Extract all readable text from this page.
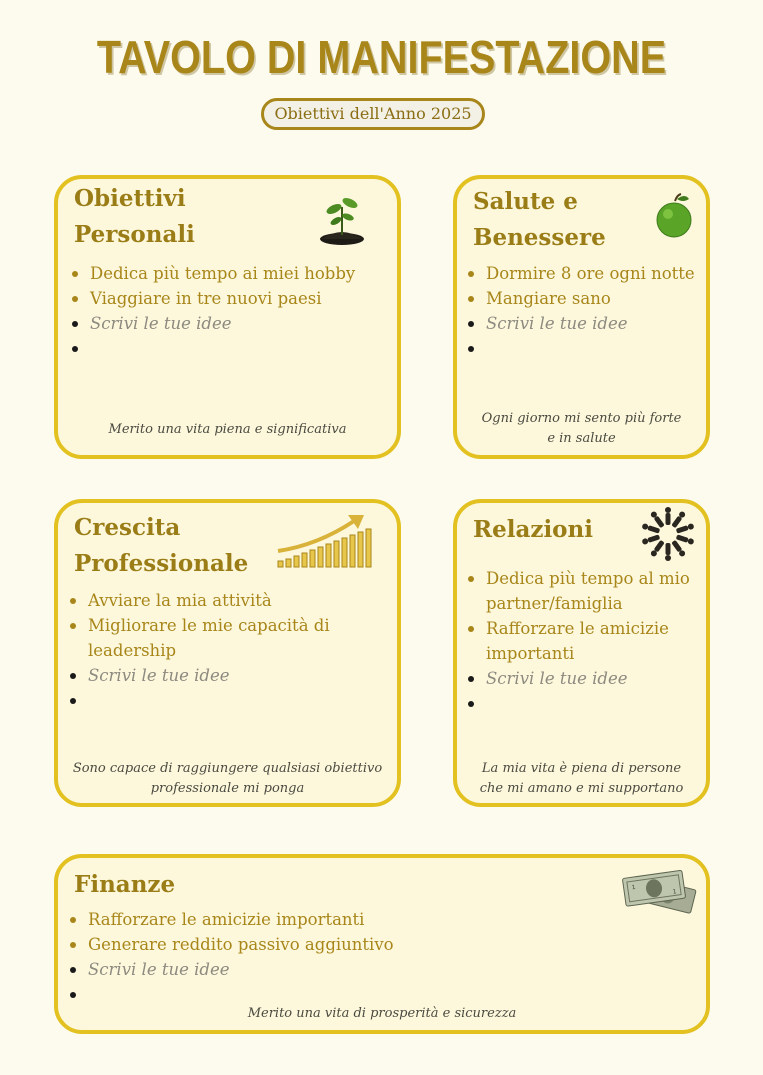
TAVOLO DI MANIFESTAZIONE
Obiettivi dell'Anno 2025
Obiettivi
Personali
Dedica più tempo ai miei hobby
Viaggiare in tre nuovi paesi
Scrivi le tue idee
Merito una vita piena e significativa
Salute e
Benessere
Dormire 8 ore ogni notte
Mangiare sano
Scrivi le tue idee
Ogni giorno mi sento più forte
e in salute
Crescita
Professionale
Avviare la mia attività
Migliorare le mie capacità di
leadership
Scrivi le tue idee
Sono capace di raggiungere qualsiasi obiettivo
professionale mi ponga
Relazioni
Dedica più tempo al mio
partner/famiglia
Rafforzare le amicizie
importanti
Scrivi le tue idee
La mia vita è piena di persone
che mi amano e mi supportano
Finanze	1
1
Rafforzare le amicizie importanti
Generare reddito passivo aggiuntivo
Scrivi le tue idee
Merito una vita di prosperità e sicurezza
